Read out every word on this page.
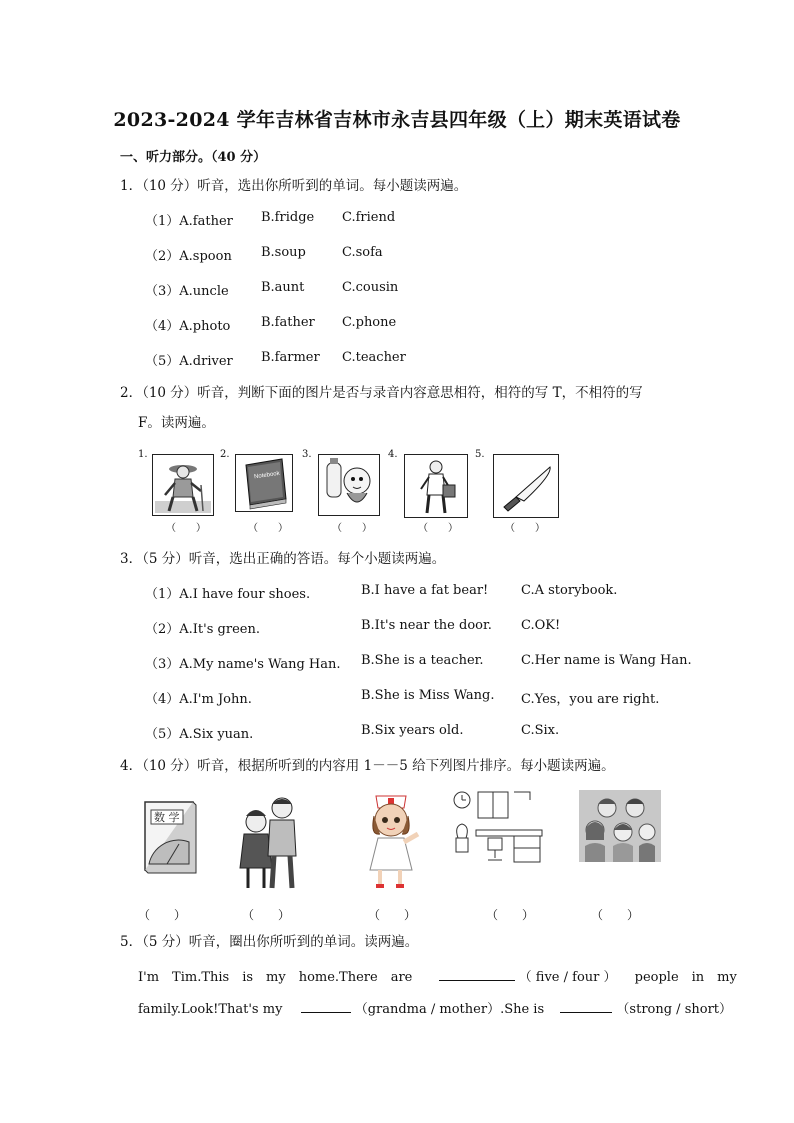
2023-2024 学年吉林省吉林市永吉县四年级（上）期末英语试卷
一、听力部分。（40 分）
1．（10 分）听音，选出你所听到的单词。每小题读两遍。
（1）A.father B.fridge C.friend
（2）A.spoon B.soup	C.sofa
（3）A.uncle B.aunt	C.cousin
（4）A.photo B.father C.phone
（5）A.driver B.farmer C.teacher
2．（10 分）听音，判断下面的图片是否与录音内容意思相符，相符的写 T，不相符的写
F。读两遍。
1.
（　　）
2.
Notebook
（　　）
3.
（　　）
4.
（　　）
5.
（　　）
3．（5 分）听音，选出正确的答语。每个小题读两遍。
（1）A.I have four shoes.	B.I have a fat bear!	C.A storybook.
（2）A.It's green.	B.It's near the door. C.OK!
（3）A.My name's Wang Han. B.She is a teacher.	C.Her name is Wang Han.
（4）A.I'm John.	B.She is Miss Wang. C.Yes，you are right.
（5）A.Six yuan.	B.Six years old.	C.Six.
4．（10 分）听音，根据所听到的内容用 1－－5 给下列图片排序。每小题读两遍。
数 学
（　　）	（　　）	（　　）	（　　）	（　　）
5．（5 分）听音，圈出你所听到的单词。读两遍。
I'm　Tim.This　is　my　home.There　are	（ five / four ） people　in　my
family.Look!That's my	（grandma / mother）.She is	（strong / short）
